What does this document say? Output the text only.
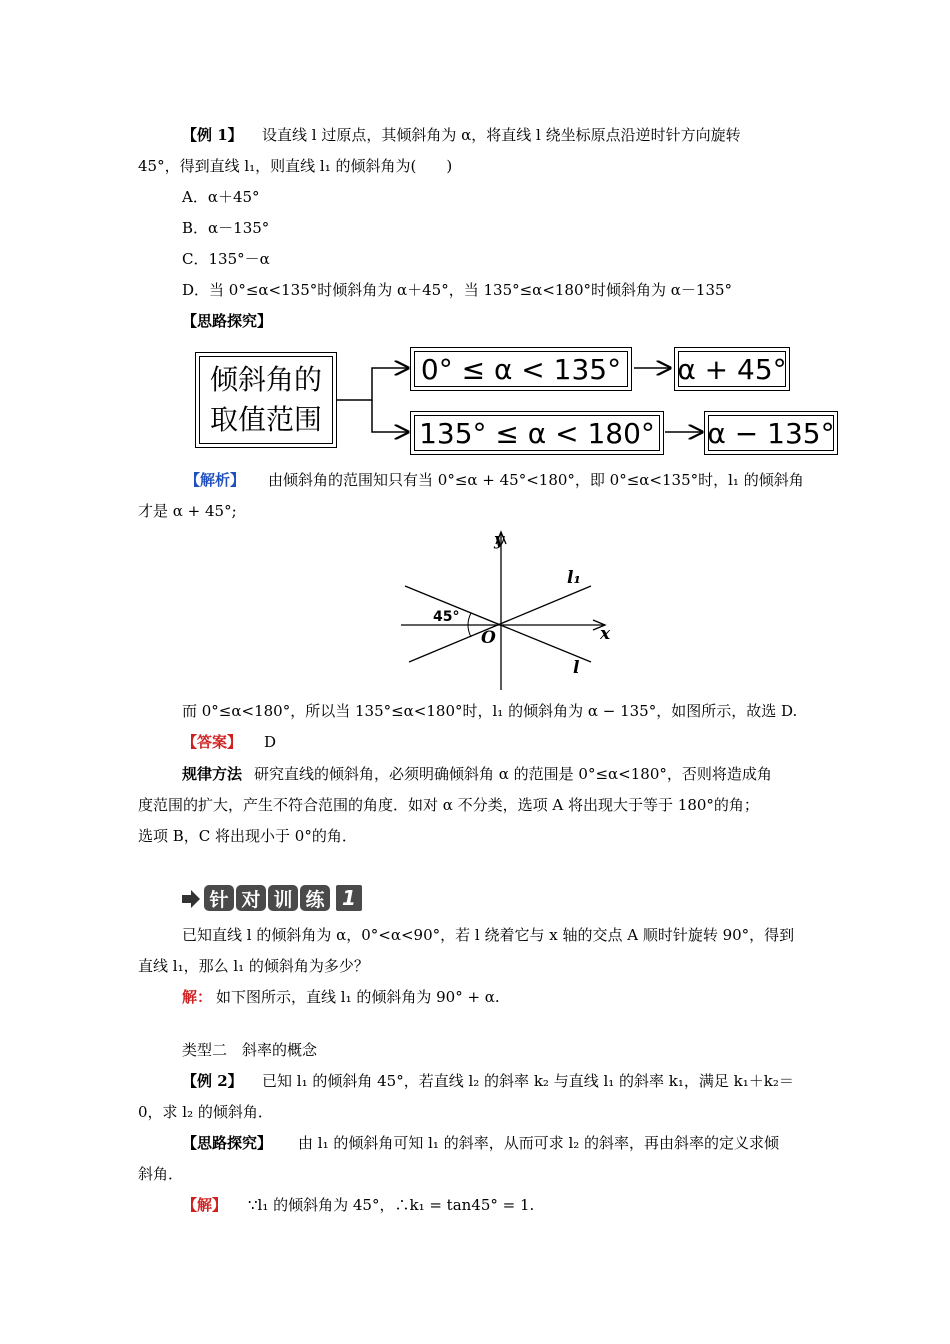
【例 1】 设直线 l 过原点，其倾斜角为 α，将直线 l 绕坐标原点沿逆时针方向旋转
45°，得到直线 l₁，则直线 l₁ 的倾斜角为(　　)
A．α＋45°
B．α－135°
C．135°－α
D．当 0°≤α<135°时倾斜角为 α＋45°，当 135°≤α<180°时倾斜角为 α－135°
【思路探究】
倾斜角的
取值范围
0° ≤ α < 135° α + 45°
135° ≤ α < 180° α − 135°
【解析】 由倾斜角的范围知只有当 0°≤α + 45°<180°，即 0°≤α<135°时，l₁ 的倾斜角
才是 α + 45°;
y
x
O
l₁
l
45°
而 0°≤α<180°，所以当 135°≤α<180°时，l₁ 的倾斜角为 α − 135°，如图所示，故选 D.
【答案】 D
规律方法 研究直线的倾斜角，必须明确倾斜角 α 的范围是 0°≤α<180°，否则将造成角
度范围的扩大，产生不符合范围的角度．如对 α 不分类，选项 A 将出现大于等于 180°的角；
选项 B，C 将出现小于 0°的角．
针 对 训 练 1
已知直线 l 的倾斜角为 α，0°<α<90°，若 l 绕着它与 x 轴的交点 A 顺时针旋转 90°，得到
直线 l₁，那么 l₁ 的倾斜角为多少？
解： 如下图所示，直线 l₁ 的倾斜角为 90° + α.
类型二　斜率的概念
【例 2】 已知 l₁ 的倾斜角 45°，若直线 l₂ 的斜率 k₂ 与直线 l₁ 的斜率 k₁，满足 k₁＋k₂＝
0，求 l₂ 的倾斜角．
【思路探究】 由 l₁ 的倾斜角可知 l₁ 的斜率，从而可求 l₂ 的斜率，再由斜率的定义求倾
斜角．
【解】 ∵l₁ 的倾斜角为 45°，∴k₁ = tan45° = 1.
